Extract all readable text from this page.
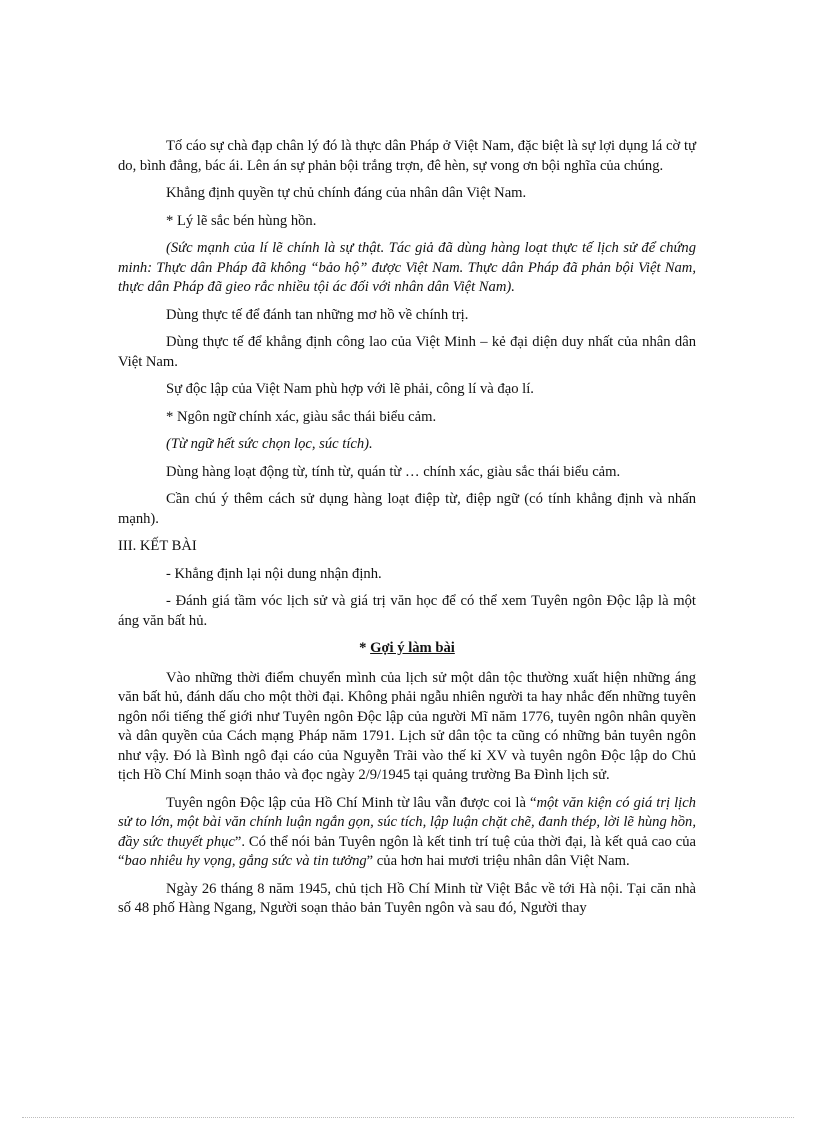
Tố cáo sự chà đạp chân lý đó là thực dân Pháp ở Việt Nam, đặc biệt là sự lợi dụng lá cờ tự do, bình đẳng, bác ái. Lên án sự phản bội trắng trợn, đê hèn, sự vong ơn bội nghĩa của chúng.

Khẳng định quyền tự chủ chính đáng của nhân dân Việt Nam.

* Lý lẽ sắc bén hùng hồn.

(Sức mạnh của lí lẽ chính là sự thật. Tác giả đã dùng hàng loạt thực tế lịch sử để chứng minh: Thực dân Pháp đã không “bảo hộ” được Việt Nam. Thực dân Pháp đã phản bội Việt Nam, thực dân Pháp đã gieo rắc nhiều tội ác đối với nhân dân Việt Nam).

Dùng thực tế để đánh tan những mơ hồ về chính trị.

Dùng thực tế để khẳng định công lao của Việt Minh – kẻ đại diện duy nhất của nhân dân Việt Nam.

Sự độc lập của Việt Nam phù hợp với lẽ phải, công lí và đạo lí.

* Ngôn ngữ chính xác, giàu sắc thái biểu cảm.

(Từ ngữ hết sức chọn lọc, súc tích).

Dùng hàng loạt động từ, tính từ, quán từ … chính xác, giàu sắc thái biểu cảm.

Cần chú ý thêm cách sử dụng hàng loạt điệp từ, điệp ngữ (có tính khẳng định và nhấn mạnh).

III. KẾT BÀI

- Khẳng định lại nội dung nhận định.

- Đánh giá tầm vóc lịch sử và giá trị văn học để có thể xem Tuyên ngôn Độc lập là một áng văn bất hủ.

* Gợi ý làm bài

Vào những thời điểm chuyển mình của lịch sử một dân tộc thường xuất hiện những áng văn bất hủ, đánh dấu cho một thời đại. Không phải ngẫu nhiên người ta hay nhắc đến những tuyên ngôn nổi tiếng thế giới như Tuyên ngôn Độc lập của người Mĩ năm 1776, tuyên ngôn nhân quyền và dân quyền của Cách mạng Pháp năm 1791. Lịch sử dân tộc ta cũng có những bản tuyên ngôn như vậy. Đó là Bình ngô đại cáo của Nguyễn Trãi vào thế kỉ XV và tuyên ngôn Độc lập do Chủ tịch Hồ Chí Minh soạn thảo và đọc ngày 2/9/1945 tại quảng trường Ba Đình lịch sử.

Tuyên ngôn Độc lập của Hồ Chí Minh từ lâu vẫn được coi là “một văn kiện có giá trị lịch sử to lớn, một bài văn chính luận ngắn gọn, súc tích, lập luận chặt chẽ, đanh thép, lời lẽ hùng hồn, đầy sức thuyết phục”. Có thể nói bản Tuyên ngôn là kết tinh trí tuệ của thời đại, là kết quả cao của “bao nhiêu hy vọng, gắng sức và tin tưởng” của hơn hai mươi triệu nhân dân Việt Nam.

Ngày 26 tháng 8 năm 1945, chủ tịch Hồ Chí Minh từ Việt Bắc về tới Hà nội. Tại căn nhà số 48 phố Hàng Ngang, Người soạn thảo bản Tuyên ngôn và sau đó, Người thay
